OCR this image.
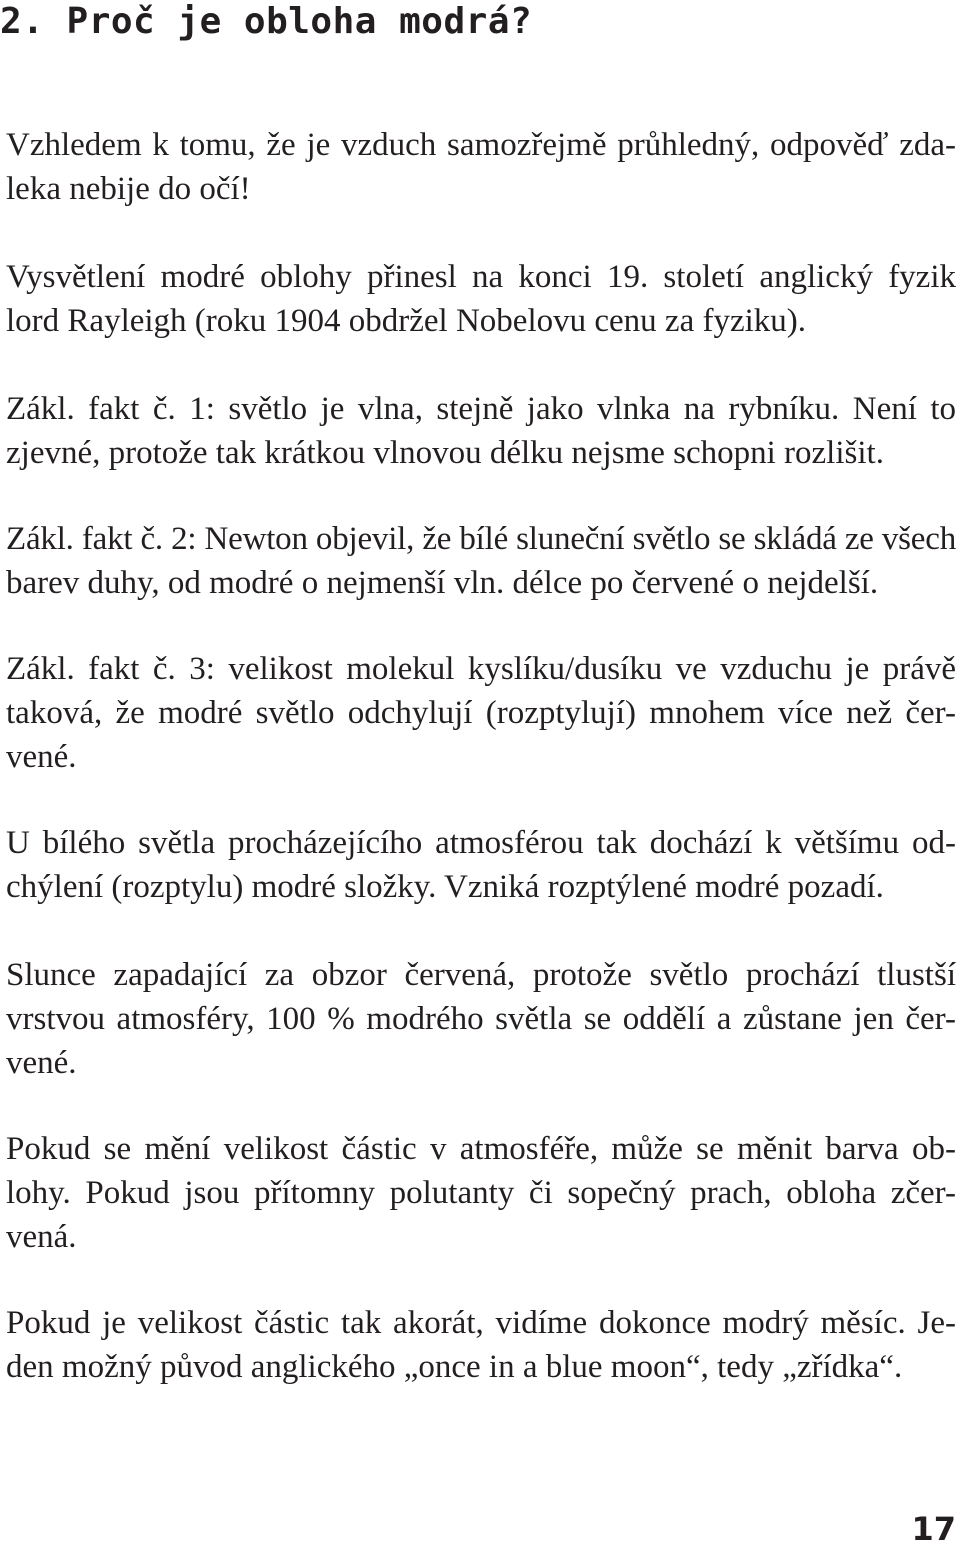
2. Proč je obloha modrá?

Vzhledem k tomu, že je vzduch samozřejmě průhledný, odpověď zda-
leka nebije do očí!

Vysvětlení modré oblohy přinesl na konci 19. století anglický fyzik
lord Rayleigh (roku 1904 obdržel Nobelovu cenu za fyziku).

Zákl. fakt č. 1: světlo je vlna, stejně jako vlnka na rybníku. Není to
zjevné, protože tak krátkou vlnovou délku nejsme schopni rozlišit.

Zákl. fakt č. 2: Newton objevil, že bílé sluneční světlo se skládá ze všech
barev duhy, od modré o nejmenší vln. délce po červené o nejdelší.

Zákl. fakt č. 3: velikost molekul kyslíku/dusíku ve vzduchu je právě
taková, že modré světlo odchylují (rozptylují) mnohem více než čer-
vené.

U bílého světla procházejícího atmosférou tak dochází k většímu od-
chýlení (rozptylu) modré složky. Vzniká rozptýlené modré pozadí.

Slunce zapadající za obzor červená, protože světlo prochází tlustší
vrstvou atmosféry, 100 % modrého světla se oddělí a zůstane jen čer-
vené.

Pokud se mění velikost částic v atmosféře, může se měnit barva ob-
lohy. Pokud jsou přítomny polutanty či sopečný prach, obloha zčer-
vená.

Pokud je velikost částic tak akorát, vidíme dokonce modrý měsíc. Je-
den možný původ anglického „once in a blue moon“, tedy „zřídka“.

17
